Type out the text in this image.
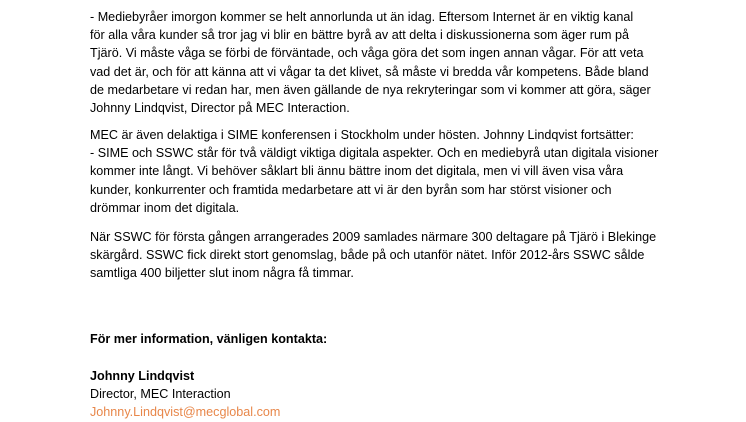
- Mediebyråer imorgon kommer se helt annorlunda ut än idag. Eftersom Internet är en viktig kanal
för alla våra kunder så tror jag vi blir en bättre byrå av att delta i diskussionerna som äger rum på
Tjärö. Vi måste våga se förbi de förväntade, och våga göra det som ingen annan vågar. För att veta
vad det är, och för att känna att vi vågar ta det klivet, så måste vi bredda vår kompetens. Både bland
de medarbetare vi redan har, men även gällande de nya rekryteringar som vi kommer att göra, säger
Johnny Lindqvist, Director på MEC Interaction.
MEC är även delaktiga i SIME konferensen i Stockholm under hösten. Johnny Lindqvist fortsätter:
- SIME och SSWC står för två väldigt viktiga digitala aspekter. Och en mediebyrå utan digitala visioner
kommer inte långt. Vi behöver såklart bli ännu bättre inom det digitala, men vi vill även visa våra
kunder, konkurrenter och framtida medarbetare att vi är den byrån som har störst visioner och
drömmar inom det digitala.
När SSWC för första gången arrangerades 2009 samlades närmare 300 deltagare på Tjärö i Blekinge
skärgård. SSWC fick direkt stort genomslag, både på och utanför nätet. Inför 2012-års SSWC sålde
samtliga 400 biljetter slut inom några få timmar.
För mer information, vänligen kontakta:
Johnny Lindqvist
Director, MEC Interaction
Johnny.Lindqvist@mecglobal.com
